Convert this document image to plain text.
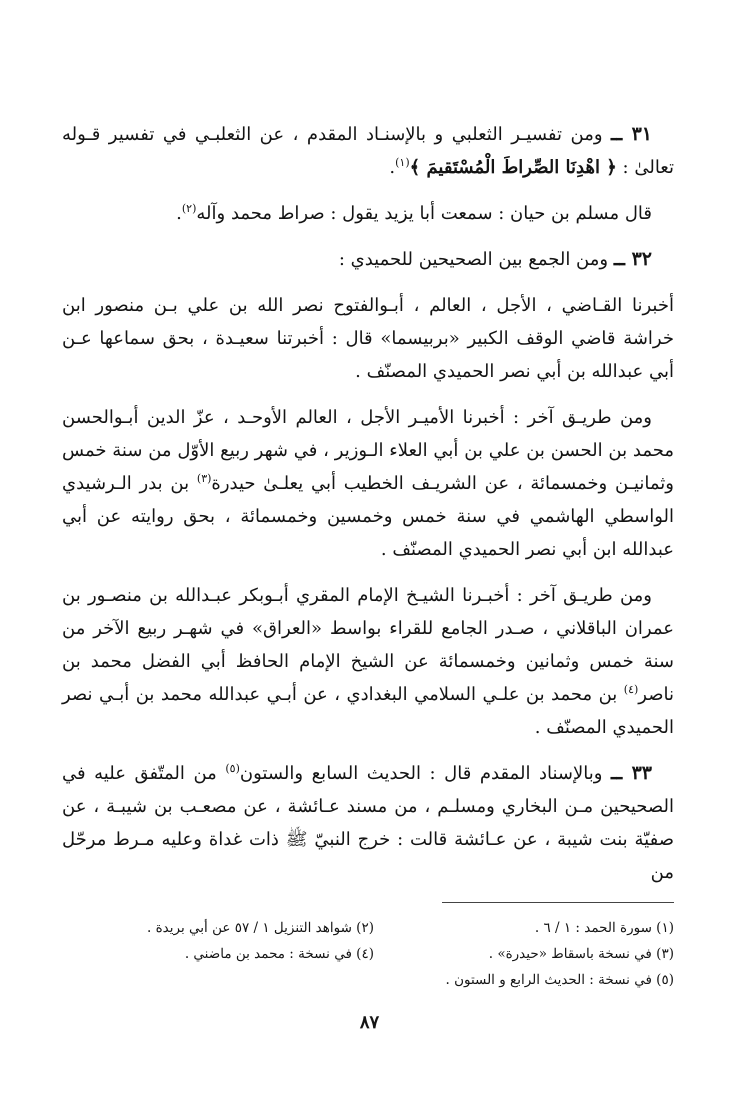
٣١ ــ ومن تفسيـر الثعلبي و بالإسنـاد المقدم ، عن الثعلبـي في تفسير قـوله تعالىٰ : ﴿ اهْدِنَا الصِّراطَ الْمُسْتَقيمَ ﴾$^{(١)}$.

قال مسلم بن حيان : سمعت أبا يزيد يقول : صراط محمد وآله$^{(٢)}$.

٣٢ ــ ومن الجمع بين الصحيحين للحميدي :

أخبرنا القـاضي ، الأجل ، العالم ، أبـوالفتوح نصر الله بن علي بـن منصور ابن خراشة قاضي الوقف الكبير «بربيسما» قال : أخبرتنا سعيـدة ، بحق سماعها عـن أبي عبدالله بن أبي نصر الحميدي المصنّف .

ومن طريـق آخر : أخبرنا الأميـر الأجل ، العالم الأوحـد ، عزّ الدين أبـوالحسن محمد بن الحسن بن علي بن أبي العلاء الـوزير ، في شهر ربيع الأوّل من سنة خمس وثمانيـن وخمسمائة ، عن الشريـف الخطيب أبي يعلـىٰ حيدرة$^{(٣)}$ بن بدر الـرشيدي الواسطي الهاشمي في سنة خمس وخمسين وخمسمائة ، بحق روايته عن أبي عبدالله ابن أبي نصر الحميدي المصنّف .

ومن طريـق آخر : أخبـرنا الشيـخ الإمام المقري أبـوبكر عبـدالله بن منصـور بن عمران الباقلاني ، صـدر الجامع للقراء بواسط «العراق» في شهـر ربيع الآخر من سنة خمس وثمانين وخمسمائة عن الشيخ الإمام الحافظ أبي الفضل محمد بن ناصر$^{(٤)}$ بن محمد بن علـي السلامي البغدادي ، عن أبـي عبدالله محمد بن أبـي نصر الحميدي المصنّف .

٣٣ ــ وبالإسناد المقدم قال : الحديث السابع والستون$^{(٥)}$ من المتّفق عليه في الصحيحين مـن البخاري ومسلـم ، من مسند عـائشة ، عن مصعـب بن شيبـة ، عن صفيّة بنت شيبة ، عن عـائشة قالت : خرج النبيّ ﷺ ذات غداة وعليه مـرط مرحّل من

(١) سورة الحمد : ١ / ٦ .
(٢) شواهد التنزيل ١ / ٥٧ عن أبي بريدة .
(٣) في نسخة باسقاط «حيدرة» .
(٤) في نسخة : محمد بن ماضني .
(٥) في نسخة : الحديث الرابع و الستون .
٨٧
